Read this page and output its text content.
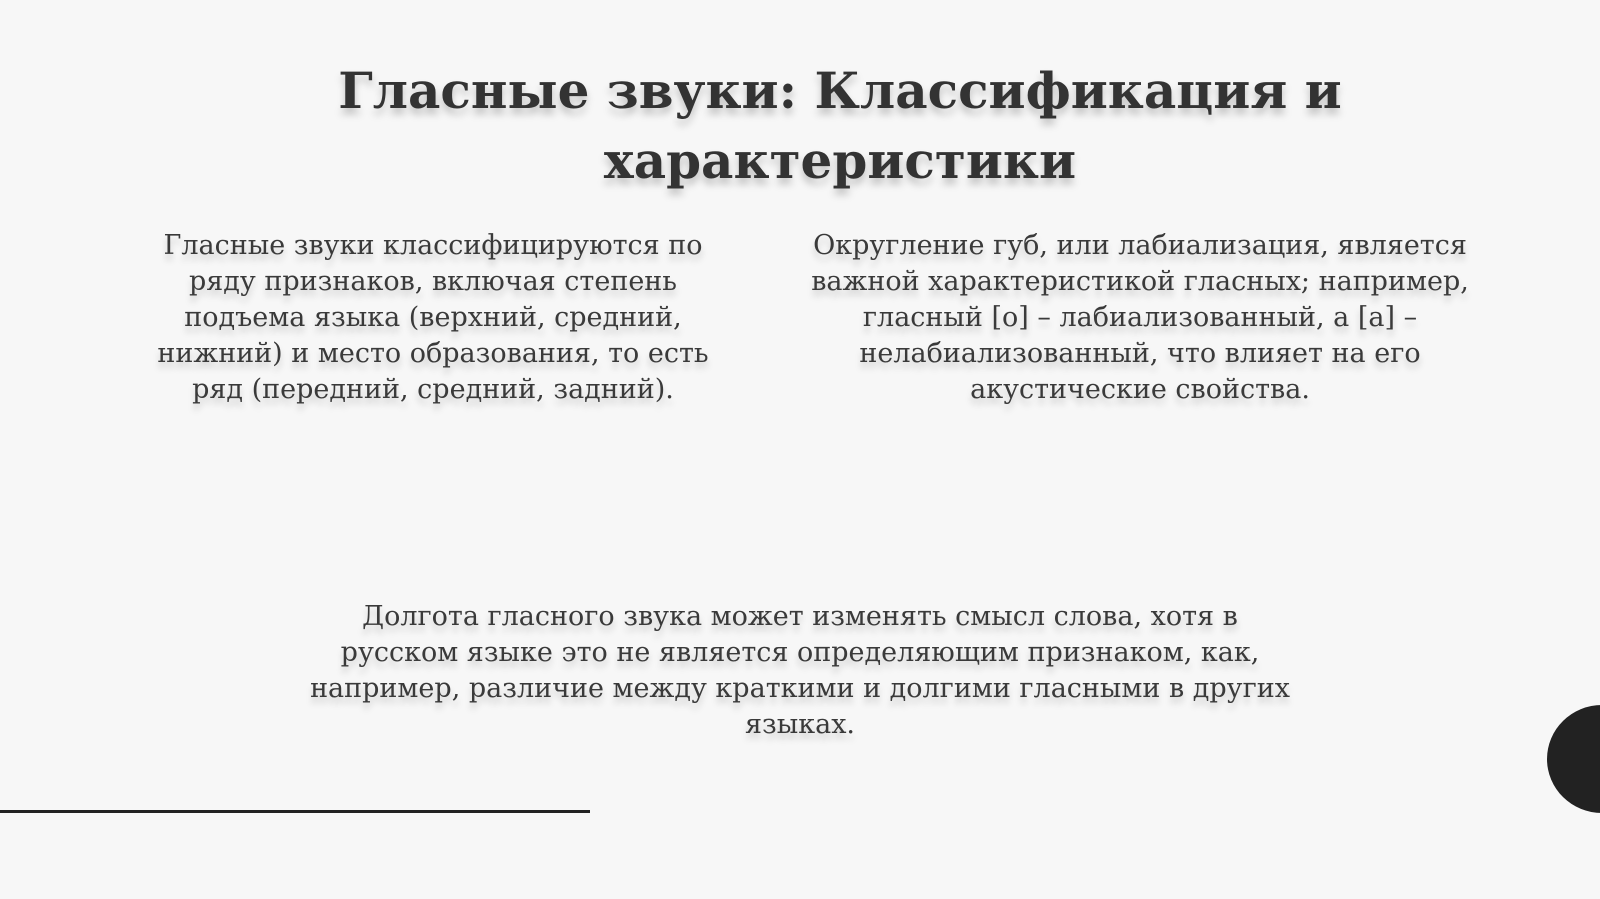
Гласные звуки: Классификация и характеристики

Гласные звуки классифицируются по ряду признаков, включая степень подъема языка (верхний, средний, нижний) и место образования, то есть ряд (передний, средний, задний).

Округление губ, или лабиализация, является важной характеристикой гласных; например, гласный [о] – лабиализованный, а [а] – нелабиализованный, что влияет на его акустические свойства.

Долгота гласного звука может изменять смысл слова, хотя в русском языке это не является определяющим признаком, как, например, различие между краткими и долгими гласными в других языках.
